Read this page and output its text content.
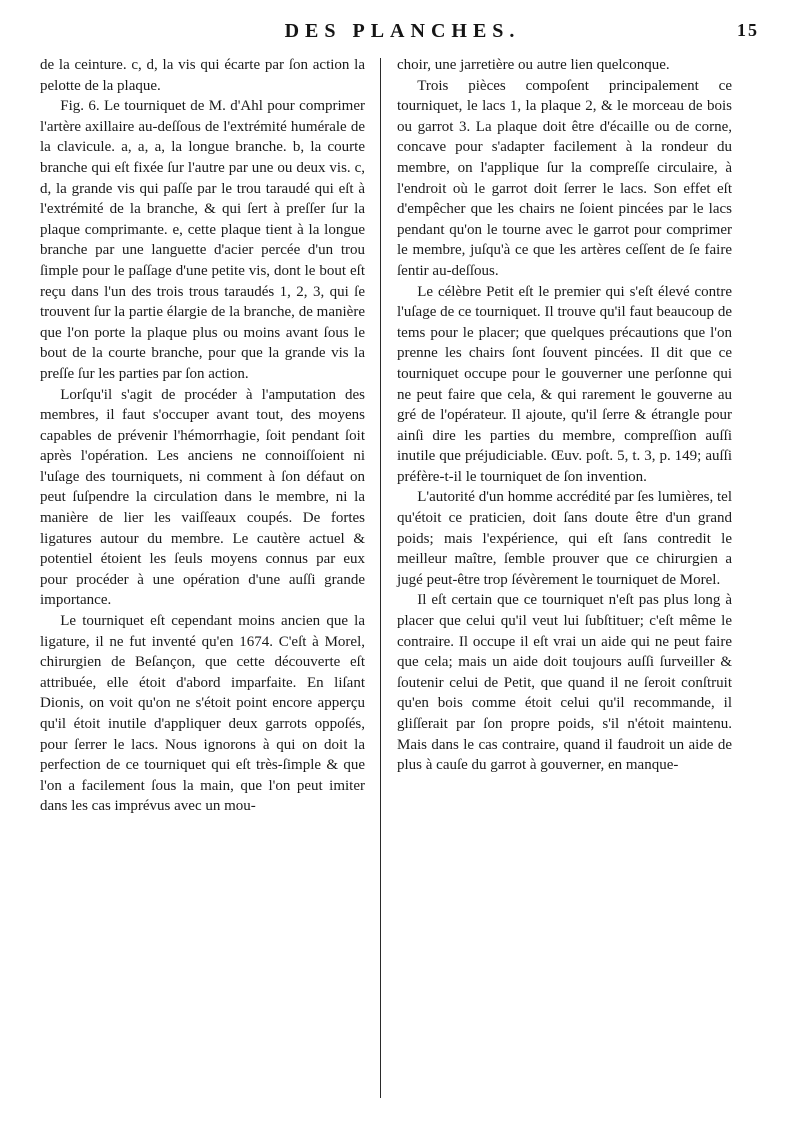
DES PLANCHES.	15

de la ceinture. c, d, la vis qui écarte par ſon action la pelotte de la plaque.

Fig. 6. Le tourniquet de M. d'Ahl pour comprimer l'artère axillaire au-deſſous de l'extrémité humérale de la clavicule. a, a, a, la longue branche. b, la courte branche qui eſt fixée ſur l'autre par une ou deux vis. c, d, la grande vis qui paſſe par le trou taraudé qui eſt à l'extrémité de la branche, & qui ſert à preſſer ſur la plaque comprimante. e, cette plaque tient à la longue branche par une languette d'acier percée d'un trou ſimple pour le paſſage d'une petite vis, dont le bout eſt reçu dans l'un des trois trous taraudés 1, 2, 3, qui ſe trouvent ſur la partie élargie de la branche, de manière que l'on porte la plaque plus ou moins avant ſous le bout de la courte branche, pour que la grande vis la preſſe ſur les parties par ſon action.

Lorſqu'il s'agit de procéder à l'amputation des membres, il faut s'occuper avant tout, des moyens capables de prévenir l'hémorrhagie, ſoit pendant ſoit après l'opération. Les anciens ne connoiſſoient ni l'uſage des tourniquets, ni comment à ſon défaut on peut ſuſpendre la circulation dans le membre, ni la manière de lier les vaiſſeaux coupés. De fortes ligatures autour du membre. Le cautère actuel & potentiel étoient les ſeuls moyens connus par eux pour procéder à une opération d'une auſſi grande importance.

Le tourniquet eſt cependant moins ancien que la ligature, il ne fut inventé qu'en 1674. C'eſt à Morel, chirurgien de Beſançon, que cette découverte eſt attribuée, elle étoit d'abord imparfaite. En liſant Dionis, on voit qu'on ne s'étoit point encore apperçu qu'il étoit inutile d'appliquer deux garrots oppoſés, pour ſerrer le lacs. Nous ignorons à qui on doit la perfection de ce tourniquet qui eſt très-ſimple & que l'on a facilement ſous la main, que l'on peut imiter dans les cas imprévus avec un mou-

choir, une jarretière ou autre lien quelconque.

Trois pièces compoſent principalement ce tourniquet, le lacs 1, la plaque 2, & le morceau de bois ou garrot 3. La plaque doit être d'écaille ou de corne, concave pour s'adapter facilement à la rondeur du membre, on l'applique ſur la compreſſe circulaire, à l'endroit où le garrot doit ſerrer le lacs. Son effet eſt d'empêcher que les chairs ne ſoient pincées par le lacs pendant qu'on le tourne avec le garrot pour comprimer le membre, juſqu'à ce que les artères ceſſent de ſe faire ſentir au-deſſous.

Le célèbre Petit eſt le premier qui s'eſt élevé contre l'uſage de ce tourniquet. Il trouve qu'il faut beaucoup de tems pour le placer; que quelques précautions que l'on prenne les chairs ſont ſouvent pincées. Il dit que ce tourniquet occupe pour le gouverner une perſonne qui ne peut faire que cela, & qui rarement le gouverne au gré de l'opérateur. Il ajoute, qu'il ſerre & étrangle pour ainſi dire les parties du membre, compreſſion auſſi inutile que préjudiciable. Œuv. poſt. 5, t. 3, p. 149; auſſi préfère-t-il le tourniquet de ſon invention.

L'autorité d'un homme accrédité par ſes lumières, tel qu'étoit ce praticien, doit ſans doute être d'un grand poids; mais l'expérience, qui eſt ſans contredit le meilleur maître, ſemble prouver que ce chirurgien a jugé peut-être trop ſévèrement le tourniquet de Morel.

Il eſt certain que ce tourniquet n'eſt pas plus long à placer que celui qu'il veut lui ſubſtituer; c'eſt même le contraire. Il occupe il eſt vrai un aide qui ne peut faire que cela; mais un aide doit toujours auſſi ſurveiller & ſoutenir celui de Petit, que quand il ne ſeroit conſtruit qu'en bois comme étoit celui qu'il recommande, il gliſſerait par ſon propre poids, s'il n'étoit maintenu. Mais dans le cas contraire, quand il faudroit un aide de plus à cauſe du garrot à gouverner, en manque-
